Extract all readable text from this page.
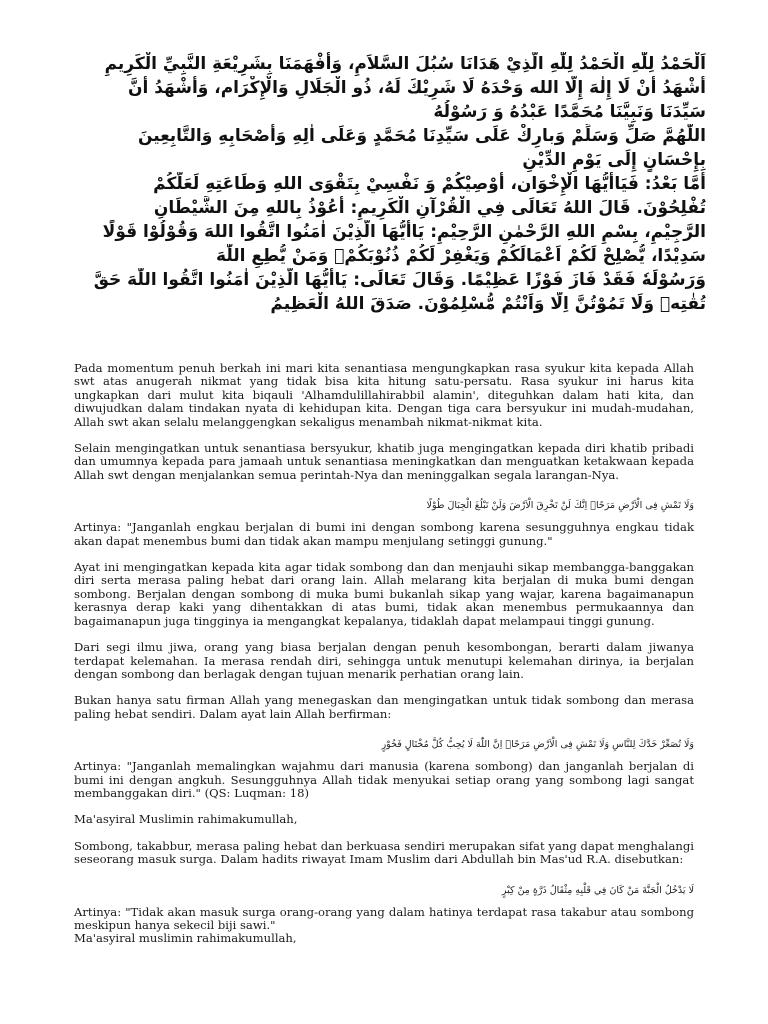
اَلْحَمْدُ لِلّٰهِ الْحَمْدُ لِلّٰهِ الَّذِيْ هَدَانَا سُبُلَ السَّلاَمِ، وَأَفْهَمَنَا بِشَرِيْعَةِ النَّبِيِّ الْكَرِيمِ
أَشْهَدُ أَنْ لَا إِلٰهَ إِلَّا الله وَحْدَهُ لَا شَرِيْكَ لَهُ، ذُو الْجَلَالِ وَالْإِكْرَام، وَأَشْهَدُ أَنَّ
سَيِّدَنَا وَنَبِيَّنَا مُحَمَّدًا عَبْدُهُ وَ رَسُوْلُهُ
اللّٰهُمَّ صَلِّ وَسَلِّمْ وَبارِكْ عَلَى سَيِّدِنَا مُحَمَّدٍ وَعَلَى اٰلِهِ وَأَصْحَابِهِ وَالتَّابِعِينَ
بِإِحْسَانٍ إِلَى يَوْمِ الدِّيْنِ
أَمَّا بَعْدُ: فَيَاأَيُّهَا الْإِخْوَان، أُوْصِيْكُمْ وَ نَفْسِيْ بِتَقْوَى اللهِ وَطَاعَتِهِ لَعَلَّكُمْ
تُفْلِحُوْنَ. قَالَ اللهُ تَعَالَى فِي الْقُرْآنِ الْكَرِيمِ: أَعُوْذُ بِاللهِ مِنَ الشَّيْطَانِ
الرَّجِيْمِ، بِسْمِ اللهِ الرَّحْمٰنِ الرَّحِيْمِ: يَاأَيُّهَا الَّذِيْنَ اٰمَنُوا اتَّقُوا اللهَ وَقُوْلُوْا قَوْلًا
سَدِيْدًا، يُّصْلِحْ لَكُمْ اَعْمَالَكُمْ وَيَغْفِرْ لَكُمْ ذُنُوْبَكُمْۗ وَمَنْ يُّطِعِ اللّٰهَ
وَرَسُوْلَهٗ فَقَدْ فَازَ فَوْزًا عَظِيْمًا. وَقَالَ تَعَالَى: يَاأَيُّهَا الَّذِيْنَ اٰمَنُوا اتَّقُوا اللّٰهَ حَقَّ
تُقٰتِهٖ وَلَا تَمُوْتُنَّ اِلَّا وَاَنْتُمْ مُّسْلِمُوْنَ. صَدَقَ اللهُ الْعَظِيمُ

Pada momentum penuh berkah ini mari kita senantiasa mengungkapkan rasa syukur kita kepada Allah swt atas anugerah nikmat yang tidak bisa kita hitung satu-persatu. Rasa syukur ini harus kita ungkapkan dari mulut kita biqauli 'Alhamdulillahirabbil alamin', diteguhkan dalam hati kita, dan diwujudkan dalam tindakan nyata di kehidupan kita. Dengan tiga cara bersyukur ini mudah-mudahan, Allah swt akan selalu melanggengkan sekaligus menambah nikmat-nikmat kita.

Selain mengingatkan untuk senantiasa bersyukur, khatib juga mengingatkan kepada diri khatib pribadi dan umumnya kepada para jamaah untuk senantiasa meningkatkan dan menguatkan ketakwaan kepada Allah swt dengan menjalankan semua perintah-Nya dan meninggalkan segala larangan-Nya.

وَلَا تَمْشِ فِى الْاَرْضِ مَرَحًاۚ اِنَّكَ لَنْ تَخْرِقَ الْاَرْضَ وَلَنْ تَبْلُغَ الْجِبَالَ طُوْلًا

Artinya: "Janganlah engkau berjalan di bumi ini dengan sombong karena sesungguhnya engkau tidak akan dapat menembus bumi dan tidak akan mampu menjulang setinggi gunung."

Ayat ini mengingatkan kepada kita agar tidak sombong dan dan menjauhi sikap membangga-banggakan diri serta merasa paling hebat dari orang lain. Allah melarang kita berjalan di muka bumi dengan sombong. Berjalan dengan sombong di muka bumi bukanlah sikap yang wajar, karena bagaimanapun kerasnya derap kaki yang dihentakkan di atas bumi, tidak akan menembus permukaannya dan bagaimanapun juga tingginya ia mengangkat kepalanya, tidaklah dapat melampaui tinggi gunung.

Dari segi ilmu jiwa, orang yang biasa berjalan dengan penuh kesombongan, berarti dalam jiwanya terdapat kelemahan. Ia merasa rendah diri, sehingga untuk menutupi kelemahan dirinya, ia berjalan dengan sombong dan berlagak dengan tujuan menarik perhatian orang lain.

Bukan hanya satu firman Allah yang menegaskan dan mengingatkan untuk tidak sombong dan merasa paling hebat sendiri. Dalam ayat lain Allah berfirman:

وَلَا تُصَعِّرْ خَدَّكَ لِلنَّاسِ وَلَا تَمْشِ فِى الْاَرْضِ مَرَحًاۗ اِنَّ اللّٰهَ لَا يُحِبُّ كُلَّ مُخْتَالٍ فَخُوْرٍ

Artinya: "Janganlah memalingkan wajahmu dari manusia (karena sombong) dan janganlah berjalan di bumi ini dengan angkuh. Sesungguhnya Allah tidak menyukai setiap orang yang sombong lagi sangat membanggakan diri." (QS: Luqman: 18)

Ma'asyiral Muslimin rahimakumullah,

Sombong, takabbur, merasa paling hebat dan berkuasa sendiri merupakan sifat yang dapat menghalangi seseorang masuk surga. Dalam hadits riwayat Imam Muslim dari Abdullah bin Mas'ud R.A. disebutkan:

لَا يَدْخُلُ الْجَنَّةَ مَنْ كَانَ فِي قَلْبِهِ مِثْقَالُ ذَرَّةٍ مِنْ كِبْرٍ

Artinya: "Tidak akan masuk surga orang-orang yang dalam hatinya terdapat rasa takabur atau sombong meskipun hanya sekecil biji sawi."

Ma'asyiral muslimin rahimakumullah,
